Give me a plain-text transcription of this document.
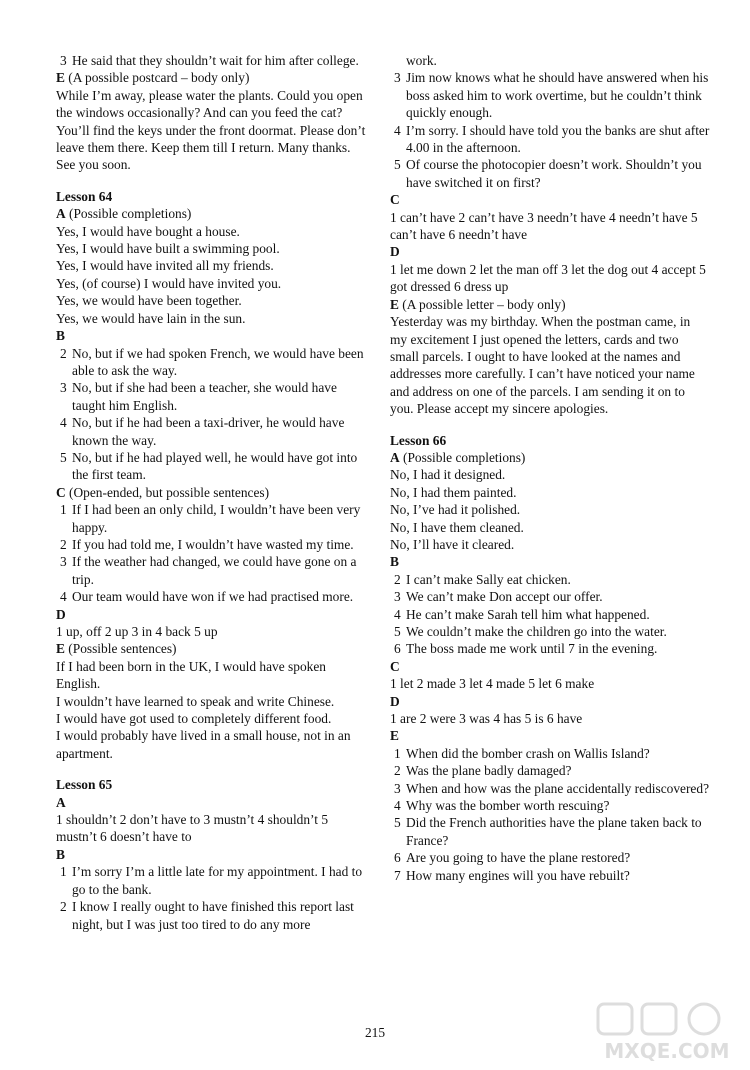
3 He said that they shouldn’t wait for him after college.
E (A possible postcard – body only)
While I’m away, please water the plants. Could you open the windows occasionally? And can you feed the cat? You’ll find the keys under the front doormat. Please don’t leave them there. Keep them till I return. Many thanks. See you soon.
Lesson 64
A (Possible completions)
Yes, I would have bought a house.
Yes, I would have built a swimming pool.
Yes, I would have invited all my friends.
Yes, (of course) I would have invited you.
Yes, we would have been together.
Yes, we would have lain in the sun.
B
2 No, but if we had spoken French, we would have been able to ask the way.
3 No, but if she had been a teacher, she would have taught him English.
4 No, but if he had been a taxi-driver, he would have known the way.
5 No, but if he had played well, he would have got into the first team.
C (Open-ended, but possible sentences)
1 If I had been an only child, I wouldn’t have been very happy.
2 If you had told me, I wouldn’t have wasted my time.
3 If the weather had changed, we could have gone on a trip.
4 Our team would have won if we had practised more.
D
1 up, off 2 up 3 in 4 back 5 up
E (Possible sentences)
If I had been born in the UK, I would have spoken English.
I wouldn’t have learned to speak and write Chinese.
I would have got used to completely different food.
I would probably have lived in a small house, not in an apartment.
Lesson 65
A
1 shouldn’t 2 don’t have to 3 mustn’t 4 shouldn’t 5 mustn’t 6 doesn’t have to
B
1 I’m sorry I’m a little late for my appointment. I had to go to the bank.
2 I know I really ought to have finished this report last night, but I was just too tired to do any more
work.
3 Jim now knows what he should have answered when his boss asked him to work overtime, but he couldn’t think quickly enough.
4 I’m sorry. I should have told you the banks are shut after 4.00 in the afternoon.
5 Of course the photocopier doesn’t work. Shouldn’t you have switched it on first?
C
1 can’t have 2 can’t have 3 needn’t have 4 needn’t have 5 can’t have 6 needn’t have
D
1 let me down 2 let the man off 3 let the dog out 4 accept 5 got dressed 6 dress up
E (A possible letter – body only)
Yesterday was my birthday. When the postman came, in my excitement I just opened the letters, cards and two small parcels. I ought to have looked at the names and addresses more carefully. I can’t have noticed your name and address on one of the parcels. I am sending it on to you. Please accept my sincere apologies.
Lesson 66
A (Possible completions)
No, I had it designed.
No, I had them painted.
No, I’ve had it polished.
No, I have them cleaned.
No, I’ll have it cleared.
B
2 I can’t make Sally eat chicken.
3 We can’t make Don accept our offer.
4 He can’t make Sarah tell him what happened.
5 We couldn’t make the children go into the water.
6 The boss made me work until 7 in the evening.
C
1 let 2 made 3 let 4 made 5 let 6 make
D
1 are 2 were 3 was 4 has 5 is 6 have
E
1 When did the bomber crash on Wallis Island?
2 Was the plane badly damaged?
3 When and how was the plane accidentally rediscovered?
4 Why was the bomber worth rescuing?
5 Did the French authorities have the plane taken back to France?
6 Are you going to have the plane restored?
7 How many engines will you have rebuilt?
215
MXQE.COM
